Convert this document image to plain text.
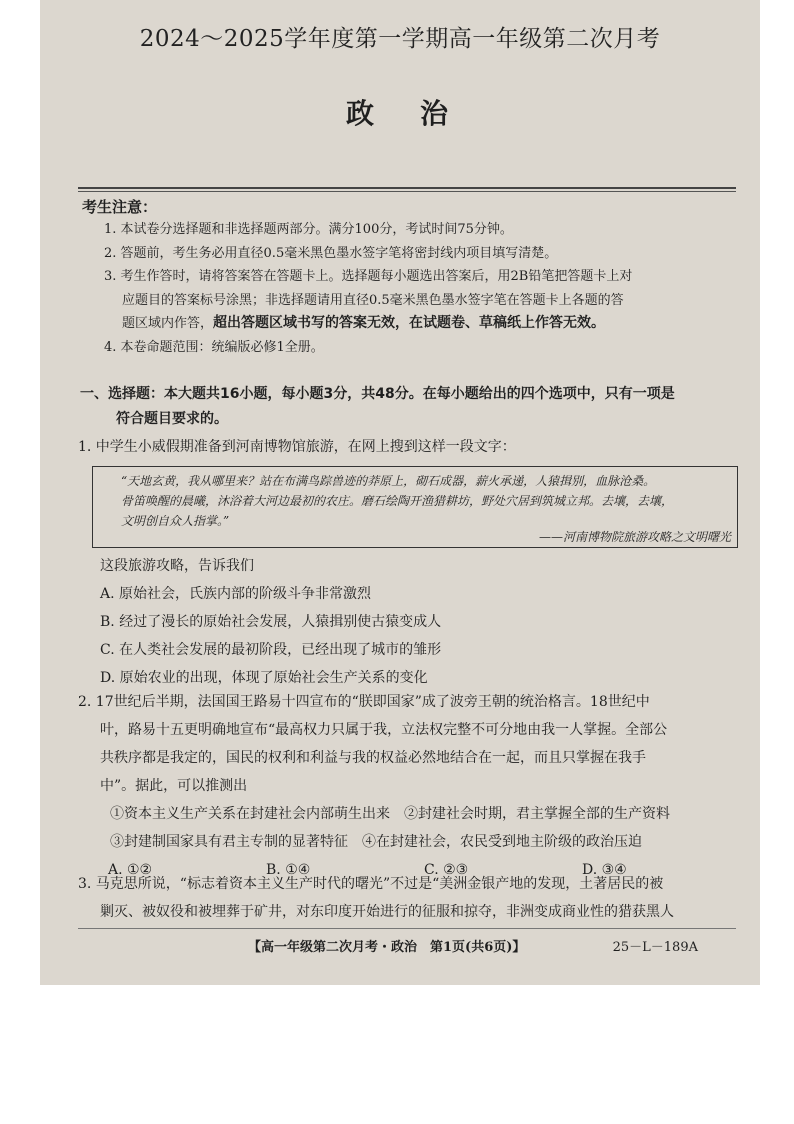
2024～2025学年度第一学期高一年级第二次月考
政治
考生注意：
1. 本试卷分选择题和非选择题两部分。满分100分，考试时间75分钟。
2. 答题前，考生务必用直径0.5毫米黑色墨水签字笔将密封线内项目填写清楚。
3. 考生作答时，请将答案答在答题卡上。选择题每小题选出答案后，用2B铅笔把答题卡上对
应题目的答案标号涂黑；非选择题请用直径0.5毫米黑色墨水签字笔在答题卡上各题的答
题区域内作答，超出答题区域书写的答案无效，在试题卷、草稿纸上作答无效。
4. 本卷命题范围：统编版必修1全册。
一、选择题：本大题共16小题，每小题3分，共48分。在每小题给出的四个选项中，只有一项是
符合题目要求的。
1. 中学生小威假期准备到河南博物馆旅游，在网上搜到这样一段文字：
“天地玄黄，我从哪里来？站在布满鸟踪兽迹的莽原上，砌石成器，薪火承递，人猿揖别，血脉沧桑。
骨笛唤醒的晨曦，沐浴着大河边最初的农庄。磨石绘陶开渔猎耕坊，野处穴居到筑城立邦。去壤，去壤，
文明创自众人指掌。”
——河南博物院旅游攻略之文明曙光
这段旅游攻略，告诉我们
A. 原始社会，氏族内部的阶级斗争非常激烈
B. 经过了漫长的原始社会发展，人猿揖别使古猿变成人
C. 在人类社会发展的最初阶段，已经出现了城市的雏形
D. 原始农业的出现，体现了原始社会生产关系的变化
2. 17世纪后半期，法国国王路易十四宣布的“朕即国家”成了波旁王朝的统治格言。18世纪中
叶，路易十五更明确地宣布“最高权力只属于我，立法权完整不可分地由我一人掌握。全部公
共秩序都是我定的，国民的权利和利益与我的权益必然地结合在一起，而且只掌握在我手
中”。据此，可以推测出
①资本主义生产关系在封建社会内部萌生出来　②封建社会时期，君主掌握全部的生产资料
③封建制国家具有君主专制的显著特征　④在封建社会，农民受到地主阶级的政治压迫
A. ①②	B. ①④	C. ②③	D. ③④
3. 马克思所说，“标志着资本主义生产时代的曙光”不过是“美洲金银产地的发现，土著居民的被
剿灭、被奴役和被埋葬于矿井，对东印度开始进行的征服和掠夺，非洲变成商业性的猎获黑人
【高一年级第二次月考・政治　第1页(共6页)】	25－L－189A
